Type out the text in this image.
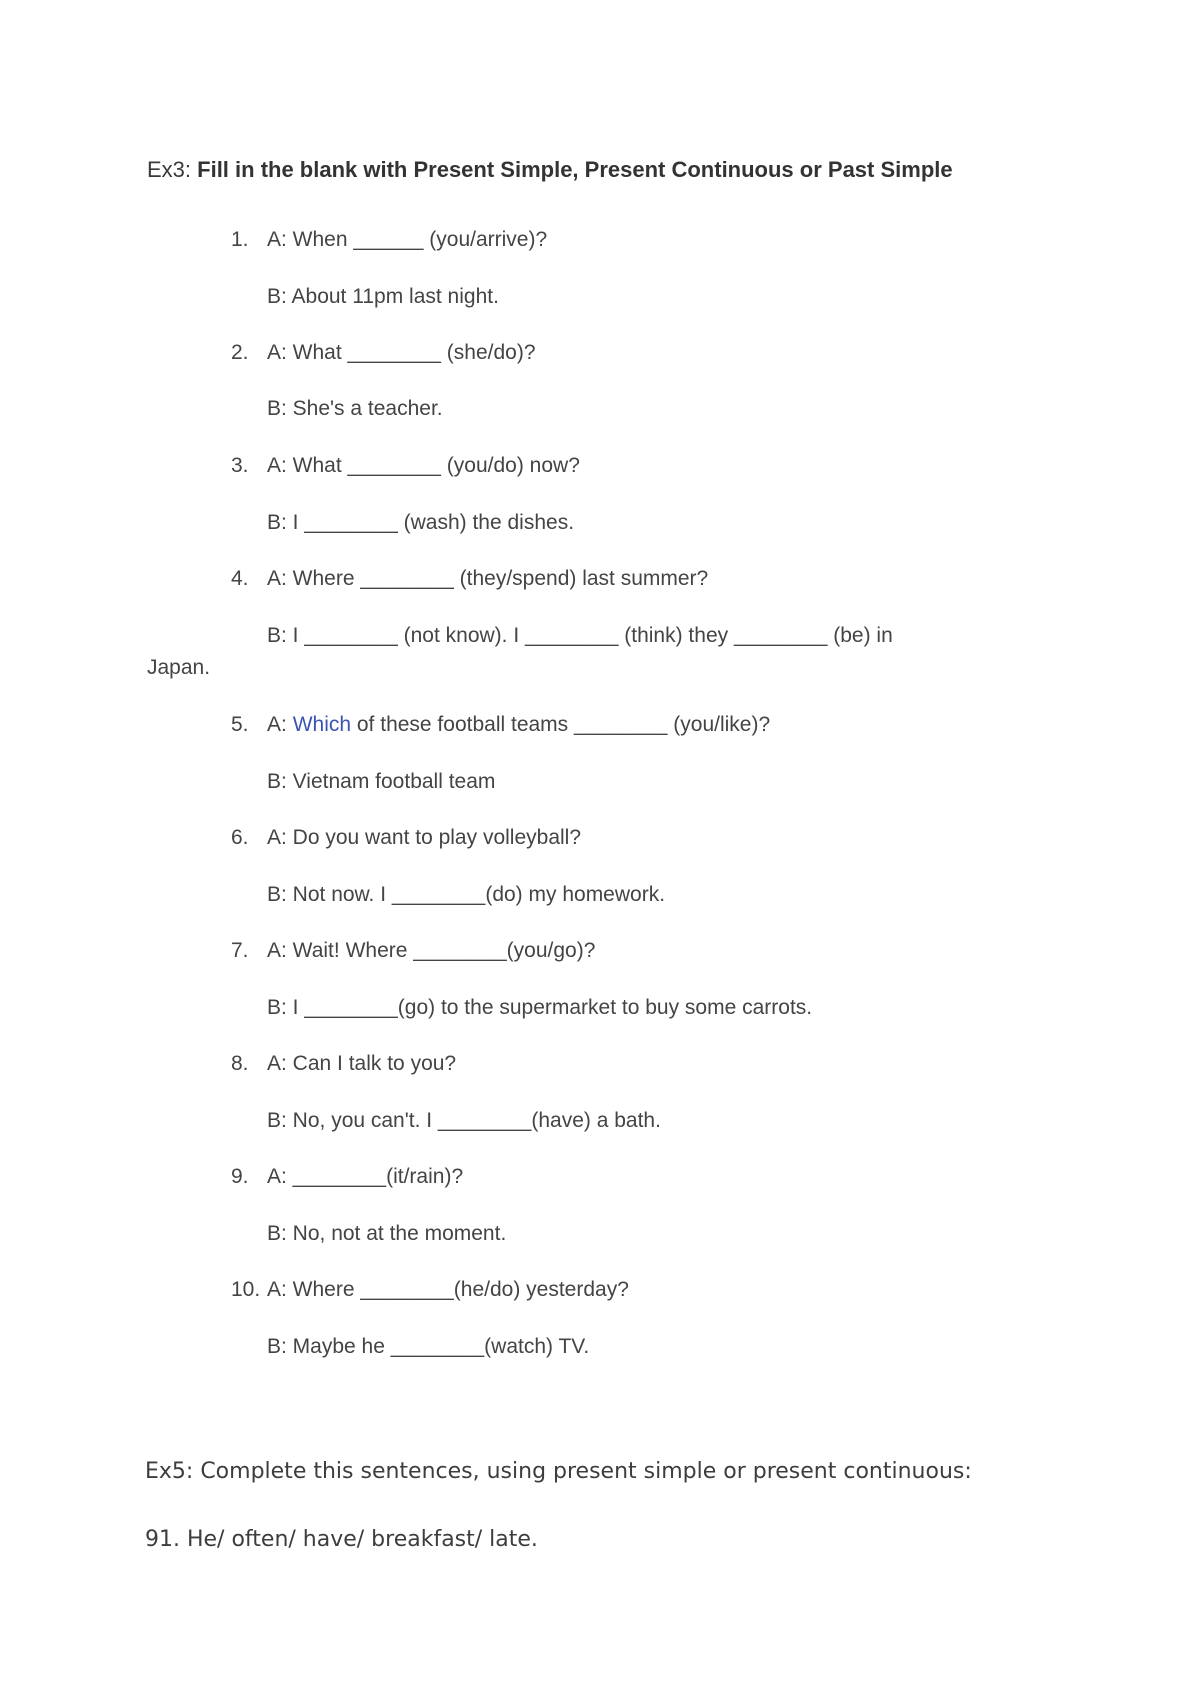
Ex3: Fill in the blank with Present Simple, Present Continuous or Past Simple
1. A: When ______ (you/arrive)?
B: About 11pm last night.
2. A: What ________ (she/do)?
B: She's a teacher.
3. A: What ________ (you/do) now?
B: I ________ (wash) the dishes.
4. A: Where ________ (they/spend) last summer?
B: I ________ (not know). I ________ (think) they ________ (be) in
Japan.
5. A: Which of these football teams ________ (you/like)?
B: Vietnam football team
6. A: Do you want to play volleyball?
B: Not now. I ________(do) my homework.
7. A: Wait! Where ________(you/go)?
B: I ________(go) to the supermarket to buy some carrots.
8. A: Can I talk to you?
B: No, you can't. I ________(have) a bath.
9. A: ________(it/rain)?
B: No, not at the moment.
10. A: Where ________(he/do) yesterday?
B: Maybe he ________(watch) TV.
Ex5: Complete this sentences, using present simple or present continuous:
91. He/ often/ have/ breakfast/ late.
